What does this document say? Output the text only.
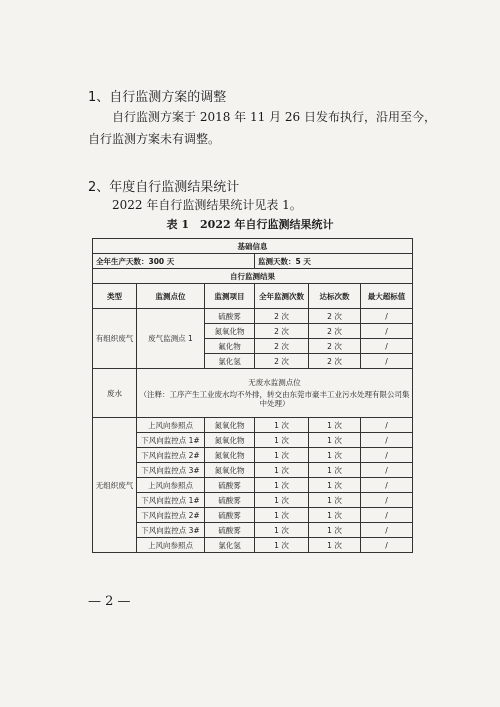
1、自行监测方案的调整
自行监测方案于 2018 年 11 月 26 日发布执行，沿用至今，
自行监测方案未有调整。
2、年度自行监测结果统计
2022 年自行监测结果统计见表 1。
表 1　2022 年自行监测结果统计
基础信息					
全年生产天数：300 天			监测天数：5 天		
自行监测结果					
类型	监测点位	监测项目	全年监测次数	达标次数	最大超标值
有组织废气	废气监测点 1	硫酸雾	2 次	2 次	/
		氮氧化物	2 次	2 次	/
		氟化物	2 次	2 次	/
		氯化氢	2 次	2 次	/
废水	无废水监测点位
（注释：工序产生工业废水均不外排，转交由东莞市豪丰工业污水处理有限公司集中处理）				

无组织废气	上风向参照点	氮氧化物	1 次	1 次	/
	下风向监控点 1#	氮氧化物	1 次	1 次	/
	下风向监控点 2#	氮氧化物	1 次	1 次	/
	下风向监控点 3#	氮氧化物	1 次	1 次	/
	上风向参照点	硫酸雾	1 次	1 次	/
	下风向监控点 1#	硫酸雾	1 次	1 次	/
	下风向监控点 2#	硫酸雾	1 次	1 次	/
	下风向监控点 3#	硫酸雾	1 次	1 次	/
	上风向参照点	氯化氢	1 次	1 次	/
— 2 —
